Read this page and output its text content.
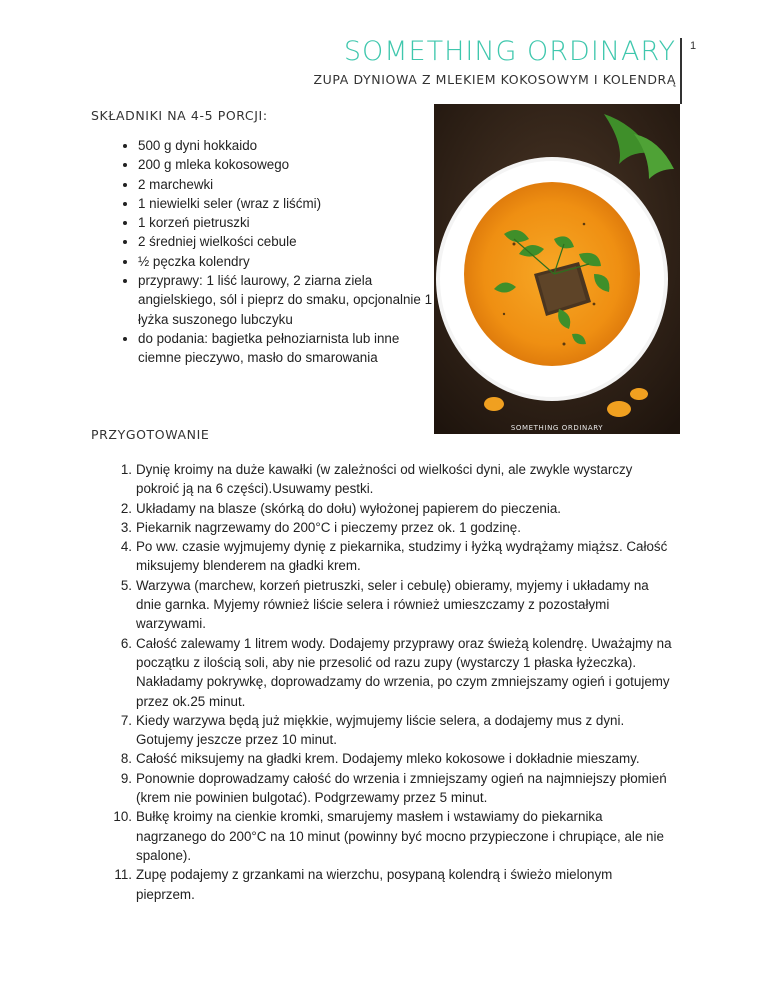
SOMETHING ORDINARY 1
ZUPA DYNIOWA Z MLEKIEM KOKOSOWYM I KOLENDRĄ
SKŁADNIKI NA 4-5 PORCJI:
• 500 g dyni hokkaido
• 200 g mleka kokosowego
• 2 marchewki
• 1 niewielki seler (wraz z liśćmi)
• 1 korzeń pietruszki
• 2 średniej wielkości cebule
• ½ pęczka kolendry
• przyprawy: 1 liść laurowy, 2 ziarna ziela angielskiego, sól i pieprz do smaku, opcjonalnie 1 łyżka suszonego lubczyku
• do podania: bagietka pełnoziarnista lub inne ciemne pieczywo, masło do smarowania
SOMETHING ORDINARY
PRZYGOTOWANIE
1. Dynię kroimy na duże kawałki (w zależności od wielkości dyni, ale zwykle wystarczy pokroić ją na 6 części).Usuwamy pestki.
2. Układamy na blasze (skórką do dołu) wyłożonej papierem do pieczenia.
3. Piekarnik nagrzewamy do 200°C i pieczemy przez ok. 1 godzinę.
4. Po ww. czasie wyjmujemy dynię z piekarnika, studzimy i łyżką wydrążamy miąższ. Całość miksujemy blenderem na gładki krem.
5. Warzywa (marchew, korzeń pietruszki, seler i cebulę) obieramy, myjemy i układamy na dnie garnka. Myjemy również liście selera i również umieszczamy z pozostałymi warzywami.
6. Całość zalewamy 1 litrem wody. Dodajemy przyprawy oraz świeżą kolendrę. Uważajmy na początku z ilością soli, aby nie przesolić od razu zupy (wystarczy 1 płaska łyżeczka). Nakładamy pokrywkę, doprowadzamy do wrzenia, po czym zmniejszamy ogień i gotujemy przez ok.25 minut.
7. Kiedy warzywa będą już miękkie, wyjmujemy liście selera, a dodajemy mus z dyni. Gotujemy jeszcze przez 10 minut.
8. Całość miksujemy na gładki krem. Dodajemy mleko kokosowe i dokładnie mieszamy.
9. Ponownie doprowadzamy całość do wrzenia i zmniejszamy ogień na najmniejszy płomień (krem nie powinien bulgotać). Podgrzewamy przez 5 minut.
10. Bułkę kroimy na cienkie kromki, smarujemy masłem i wstawiamy do piekarnika nagrzanego do 200°C na 10 minut (powinny być mocno przypieczone i chrupiące, ale nie spalone).
11. Zupę podajemy z grzankami na wierzchu, posypaną kolendrą i świeżo mielonym pieprzem.
